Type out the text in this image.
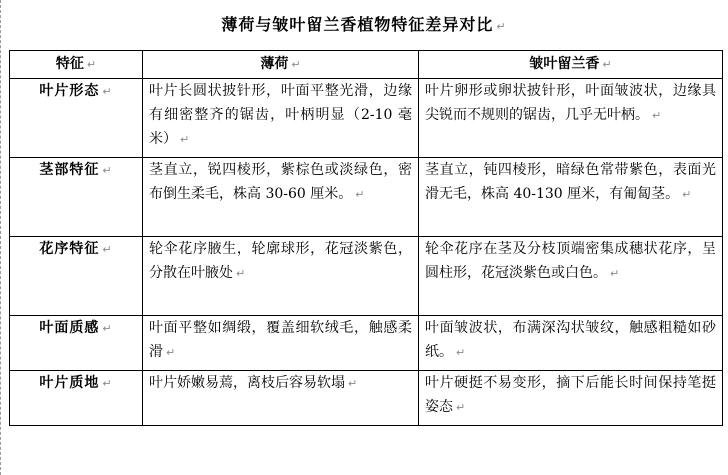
薄荷与皱叶留兰香植物特征差异对比 ↵
特征 ↵	薄荷 ↵	皱叶留兰香 ↵
叶片形态 ↵	叶片长圆状披针形，叶面平整光滑，边缘有细密整齐的锯齿，叶柄明显（2-10 毫米） ↵	叶片卵形或卵状披针形，叶面皱波状，边缘具尖锐而不规则的锯齿，几乎无叶柄。 ↵
茎部特征 ↵	茎直立，锐四棱形，紫棕色或淡绿色，密布倒生柔毛，株高 30-60 厘米。 ↵	茎直立，钝四棱形，暗绿色常带紫色，表面光滑无毛，株高 40-130 厘米，有匍匐茎。 ↵
花序特征 ↵	轮伞花序腋生，轮廓球形，花冠淡紫色，分散在叶腋处 ↵	轮伞花序在茎及分枝顶端密集成穗状花序，呈圆柱形，花冠淡紫色或白色。 ↵
叶面质感 ↵	叶面平整如绸缎，覆盖细软绒毛，触感柔滑 ↵	叶面皱波状，布满深沟状皱纹，触感粗糙如砂纸。 ↵
叶片质地 ↵	叶片娇嫩易蔫，离枝后容易软塌 ↵	叶片硬挺不易变形，摘下后能长时间保持笔挺姿态 ↵
